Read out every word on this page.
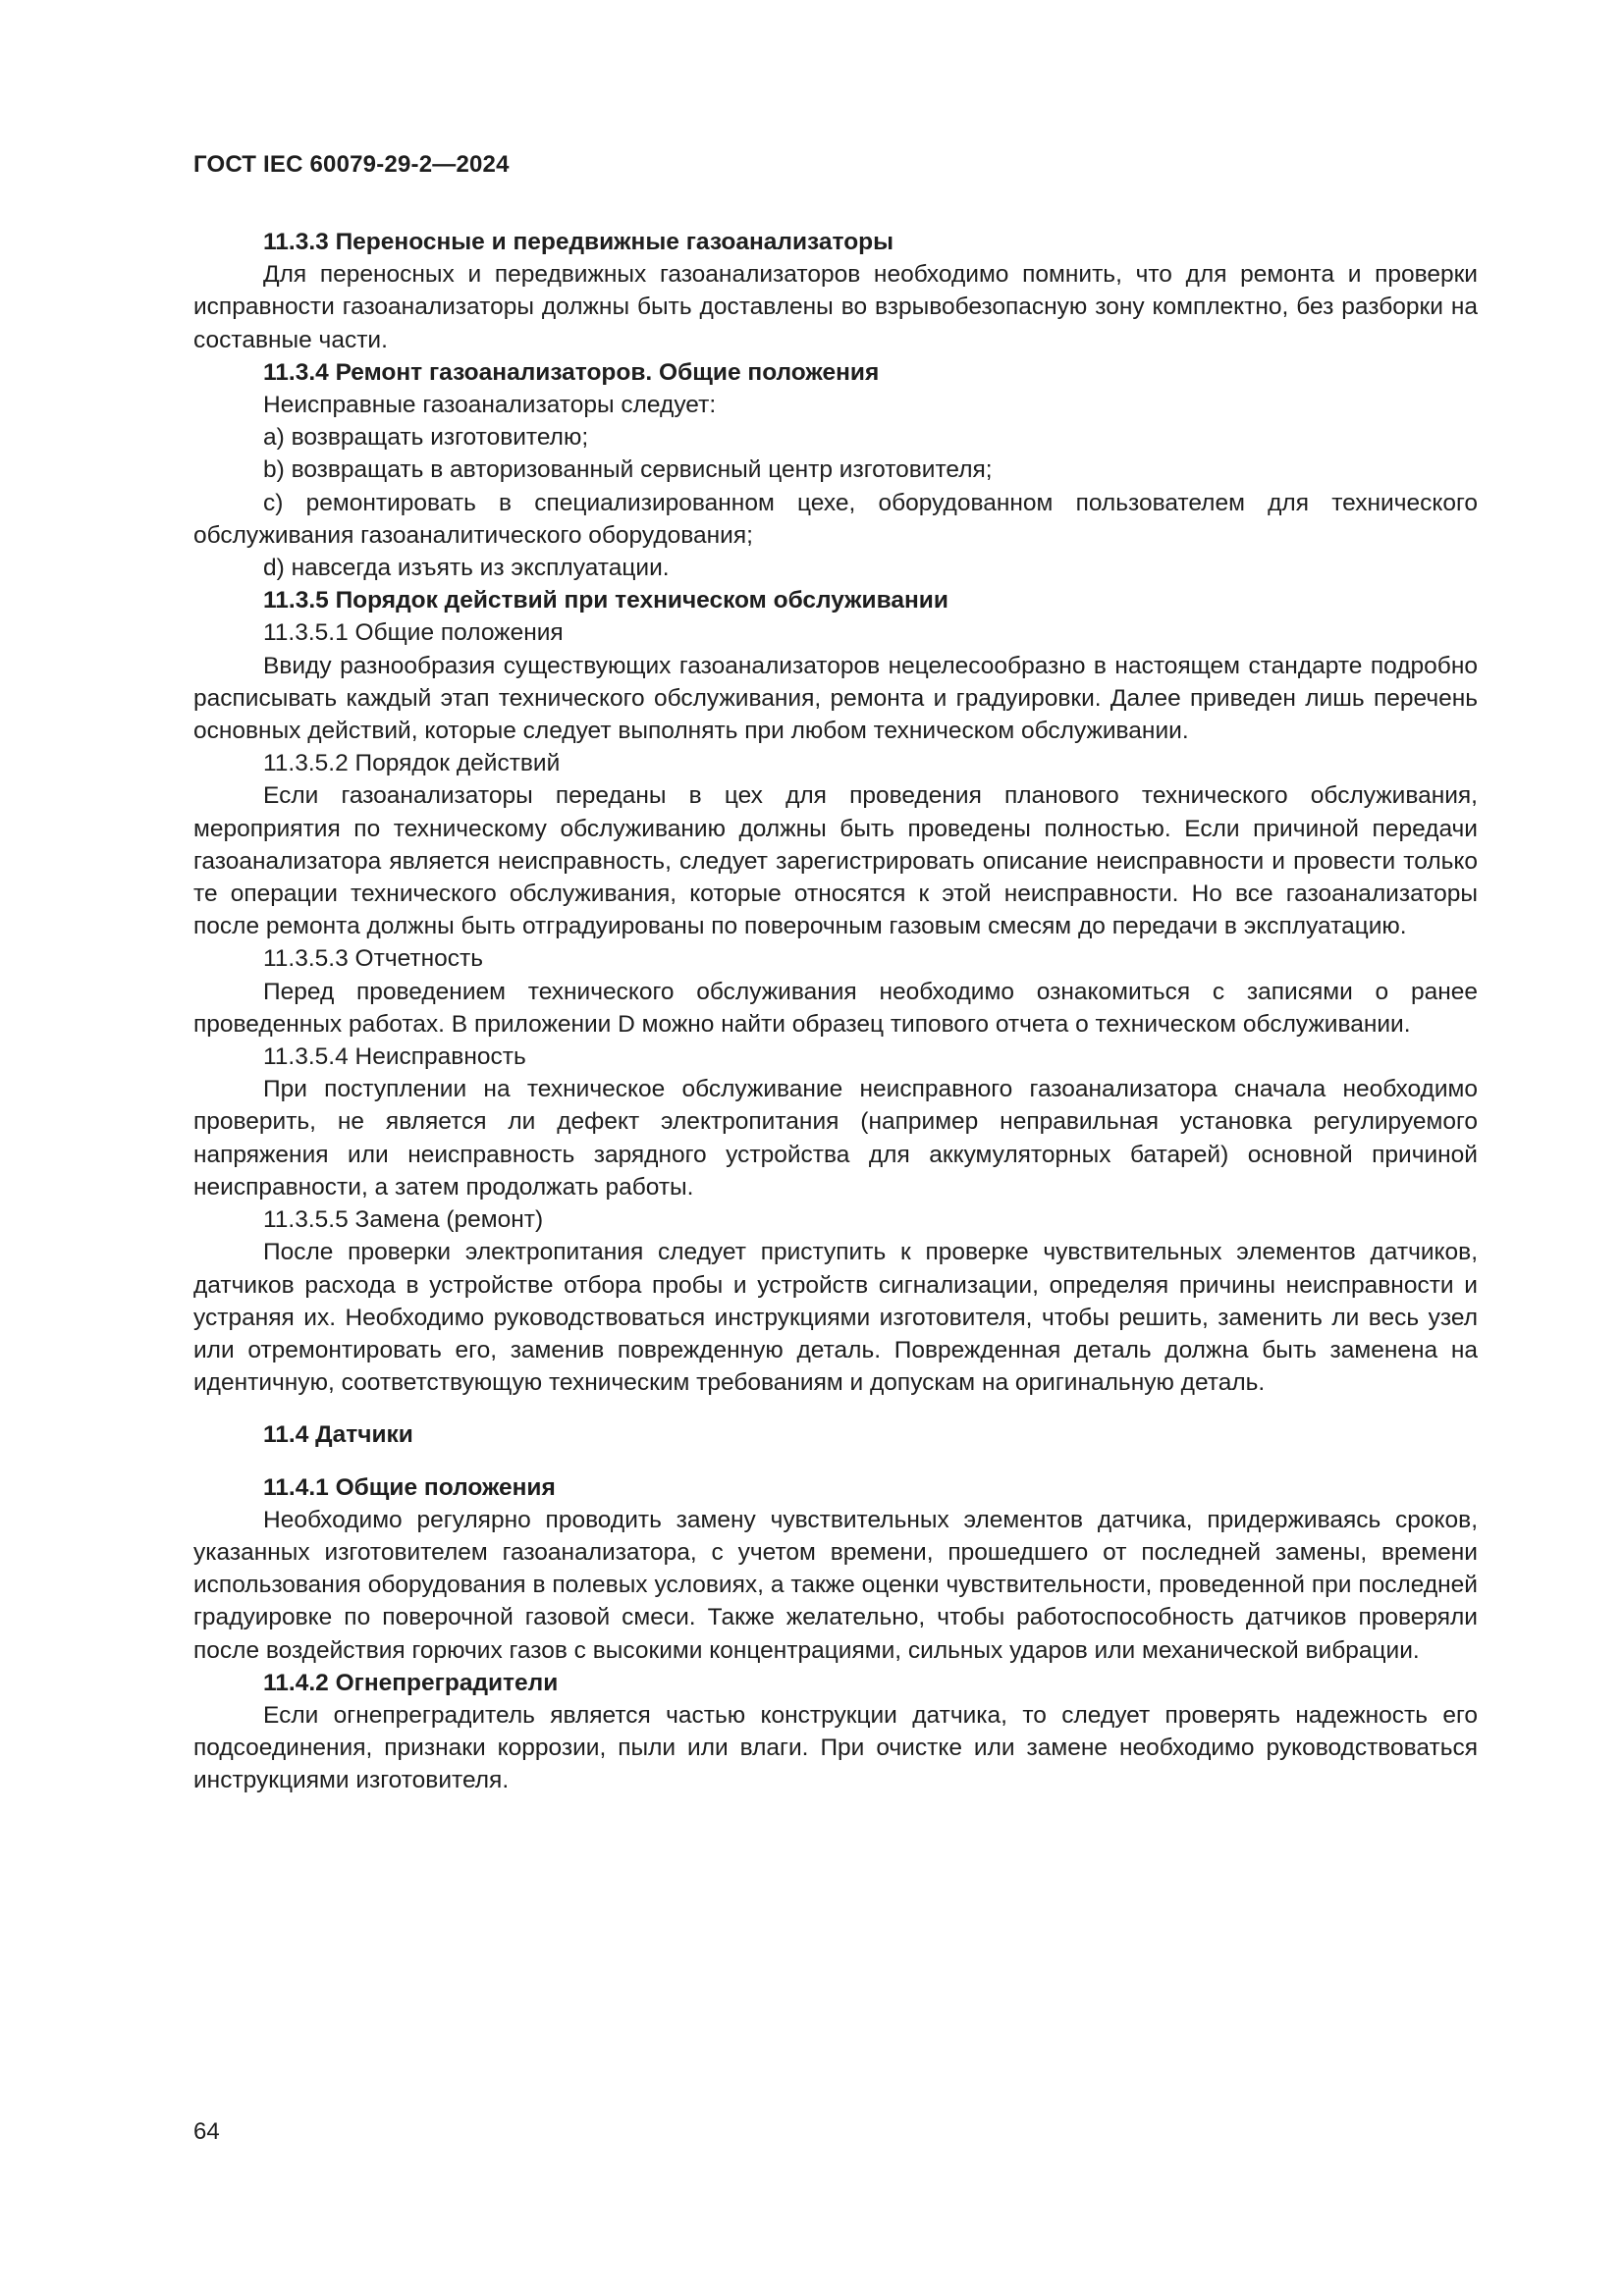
ГОСТ IEC 60079-29-2—2024

11.3.3 Переносные и передвижные газоанализаторы

Для переносных и передвижных газоанализаторов необходимо помнить, что для ремонта и проверки исправности газоанализаторы должны быть доставлены во взрывобезопасную зону комплектно, без разборки на составные части.

11.3.4 Ремонт газоанализаторов. Общие положения

Неисправные газоанализаторы следует:

a) возвращать изготовителю;

b) возвращать в авторизованный сервисный центр изготовителя;

c) ремонтировать в специализированном цехе, оборудованном пользователем для технического обслуживания газоаналитического оборудования;

d) навсегда изъять из эксплуатации.

11.3.5 Порядок действий при техническом обслуживании

11.3.5.1 Общие положения

Ввиду разнообразия существующих газоанализаторов нецелесообразно в настоящем стандарте подробно расписывать каждый этап технического обслуживания, ремонта и градуировки. Далее приведен лишь перечень основных действий, которые следует выполнять при любом техническом обслуживании.

11.3.5.2 Порядок действий

Если газоанализаторы переданы в цех для проведения планового технического обслуживания, мероприятия по техническому обслуживанию должны быть проведены полностью. Если причиной передачи газоанализатора является неисправность, следует зарегистрировать описание неисправности и провести только те операции технического обслуживания, которые относятся к этой неисправности. Но все газоанализаторы после ремонта должны быть отградуированы по поверочным газовым смесям до передачи в эксплуатацию.

11.3.5.3 Отчетность

Перед проведением технического обслуживания необходимо ознакомиться с записями о ранее проведенных работах. В приложении D можно найти образец типового отчета о техническом обслуживании.

11.3.5.4 Неисправность

При поступлении на техническое обслуживание неисправного газоанализатора сначала необходимо проверить, не является ли дефект электропитания (например неправильная установка регулируемого напряжения или неисправность зарядного устройства для аккумуляторных батарей) основной причиной неисправности, а затем продолжать работы.

11.3.5.5 Замена (ремонт)

После проверки электропитания следует приступить к проверке чувствительных элементов датчиков, датчиков расхода в устройстве отбора пробы и устройств сигнализации, определяя причины неисправности и устраняя их. Необходимо руководствоваться инструкциями изготовителя, чтобы решить, заменить ли весь узел или отремонтировать его, заменив поврежденную деталь. Поврежденная деталь должна быть заменена на идентичную, соответствующую техническим требованиям и допускам на оригинальную деталь.

11.4 Датчики

11.4.1 Общие положения

Необходимо регулярно проводить замену чувствительных элементов датчика, придерживаясь сроков, указанных изготовителем газоанализатора, с учетом времени, прошедшего от последней замены, времени использования оборудования в полевых условиях, а также оценки чувствительности, проведенной при последней градуировке по поверочной газовой смеси. Также желательно, чтобы работоспособность датчиков проверяли после воздействия горючих газов с высокими концентрациями, сильных ударов или механической вибрации.

11.4.2 Огнепреградители

Если огнепреградитель является частью конструкции датчика, то следует проверять надежность его подсоединения, признаки коррозии, пыли или влаги. При очистке или замене необходимо руководствоваться инструкциями изготовителя.

64
